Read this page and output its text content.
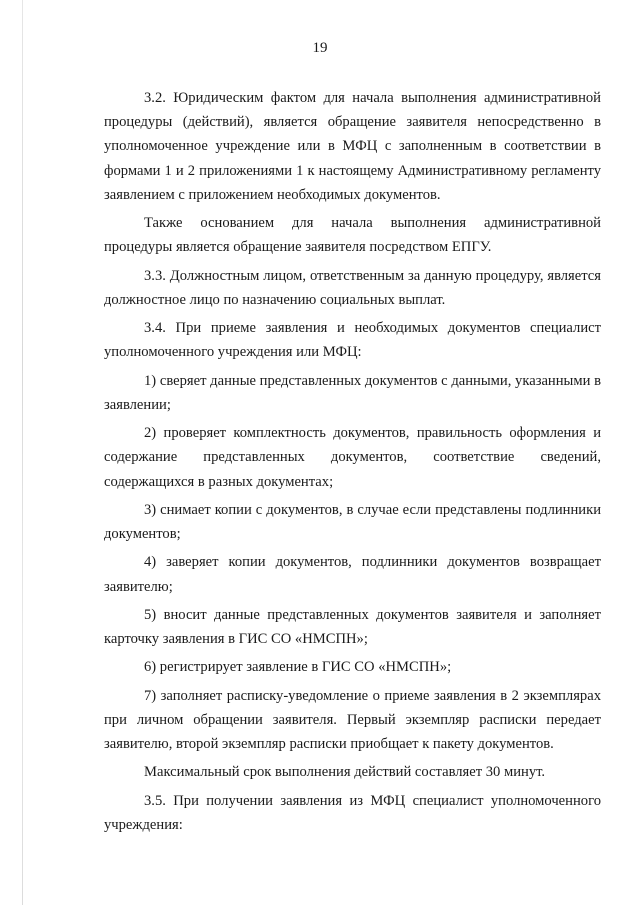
19

3.2. Юридическим фактом для начала выполнения административной процедуры (действий), является обращение заявителя непосредственно в уполномоченное учреждение или в МФЦ с заполненным в соответствии в формами 1 и 2 приложениями 1 к настоящему Административному регламенту заявлением с приложением необходимых документов.

Также основанием для начала выполнения административной процедуры является обращение заявителя посредством ЕПГУ.

3.3. Должностным лицом, ответственным за данную процедуру, является должностное лицо по назначению социальных выплат.

3.4. При приеме заявления и необходимых документов специалист уполномоченного учреждения или МФЦ:

1) сверяет данные представленных документов с данными, указанными в заявлении;

2) проверяет комплектность документов, правильность оформления и содержание представленных документов, соответствие сведений, содержащихся в разных документах;

3) снимает копии с документов, в случае если представлены подлинники документов;

4) заверяет копии документов, подлинники документов возвращает заявителю;

5) вносит данные представленных документов заявителя и заполняет карточку заявления в ГИС СО «НМСПН»;

6) регистрирует заявление в ГИС СО «НМСПН»;

7) заполняет расписку-уведомление о приеме заявления в 2 экземплярах при личном обращении заявителя. Первый экземпляр расписки передает заявителю, второй экземпляр расписки приобщает к пакету документов.

Максимальный срок выполнения действий составляет 30 минут.

3.5. При получении заявления из МФЦ специалист уполномоченного учреждения:
